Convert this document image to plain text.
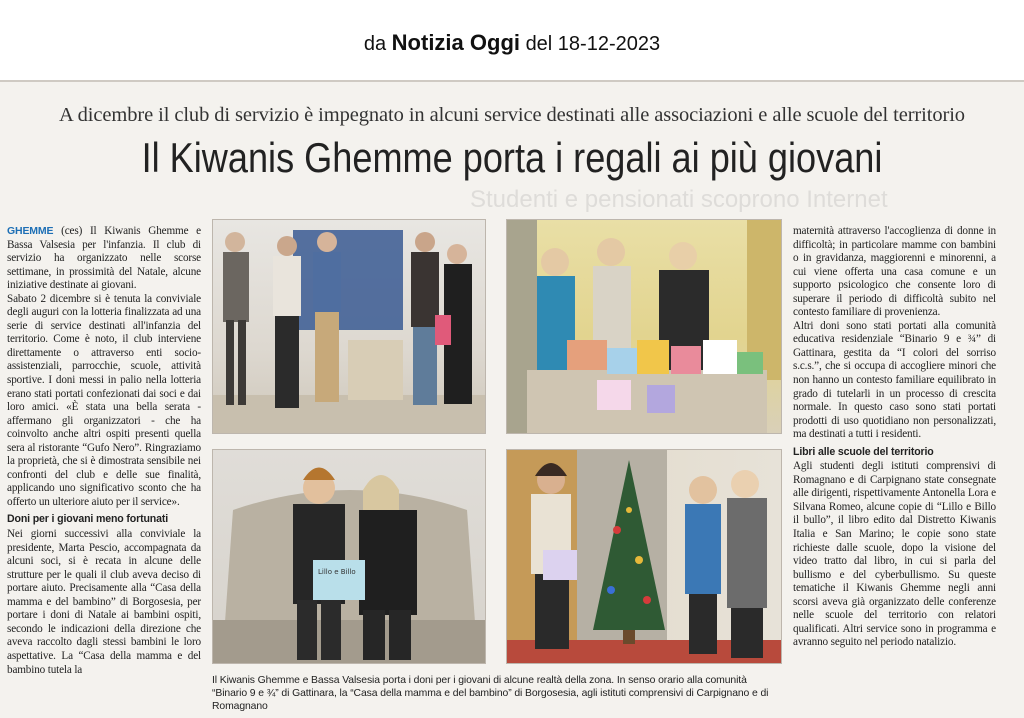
da Notizia Oggi del 18-12-2023
Studenti e pensionati scoprono Internet
A dicembre il club di servizio è impegnato in alcuni service destinati alle associazioni e alle scuole del territorio
Il Kiwanis Ghemme porta i regali ai più giovani

GHEMME (ces) Il Kiwanis Ghemme e Bassa Valsesia per l'infanzia. Il club di servizio ha organizzato nelle scorse settimane, in prossimità del Natale, alcune iniziative destinate ai giovani.

Sabato 2 dicembre si è tenuta la conviviale degli auguri con la lotteria finalizzata ad una serie di service destinati all'infanzia del territorio. Come è noto, il club interviene direttamente o attraverso enti socio-assistenziali, parrocchie, scuole, attività sportive. I doni messi in palio nella lotteria erano stati portati confezionati dai soci e dai loro amici. «È stata una bella serata - affermano gli organizzatori - che ha coinvolto anche altri ospiti presenti quella sera al ristorante “Gufo Nero”. Ringraziamo la proprietà, che si è dimostrata sensibile nei confronti del club e delle sue finalità, applicando uno significativo sconto che ha offerto un ulteriore aiuto per il service».

Doni per i giovani meno fortunati

Nei giorni successivi alla conviviale la presidente, Marta Pescio, accompagnata da alcuni soci, si è recata in alcune delle strutture per le quali il club aveva deciso di portare aiuto. Precisamente alla “Casa della mamma e del bambino” di Borgosesia, per portare i doni di Natale ai bambini ospiti, secondo le indicazioni della direzione che aveva raccolto dagli stessi bambini le loro aspettative. La “Casa della mamma e del bambino tutela la

Lillo e Billo
Il Kiwanis Ghemme e Bassa Valsesia porta i doni per i giovani di alcune realtà della zona. In senso orario alla comunità “Binario 9 e ¾” di Gattinara, la “Casa della mamma e del bambino” di Borgosesia, agli istituti comprensivi di Carpignano e di Romagnano

maternità attraverso l'accoglienza di donne in difficoltà; in particolare mamme con bambini o in gravidanza, maggiorenni e minorenni, a cui viene offerta una casa comune e un supporto psicologico che consente loro di superare il periodo di difficoltà subito nel contesto familiare di provenienza.

Altri doni sono stati portati alla comunità educativa residenziale “Binario 9 e ¾” di Gattinara, gestita da “I colori del sorriso s.c.s.”, che si occupa di accogliere minori che non hanno un contesto familiare equilibrato in grado di tutelarli in un processo di crescita normale. In questo caso sono stati portati prodotti di uso quotidiano non personalizzati, ma destinati a tutti i residenti.

Libri alle scuole del territorio

Agli studenti degli istituti comprensivi di Romagnano e di Carpignano state consegnate alle dirigenti, rispettivamente Antonella Lora e Silvana Romeo, alcune copie di “Lillo e Billo il bullo”, il libro edito dal Distretto Kiwanis Italia e San Marino; le copie sono state richieste dalle scuole, dopo la visione del video tratto dal libro, in cui si parla del bullismo e del cyberbullismo. Su queste tematiche il Kiwanis Ghemme negli anni scorsi aveva già organizzato delle conferenze nelle scuole del territorio con relatori qualificati. Altri service sono in programma e avranno seguito nel periodo natalizio.
